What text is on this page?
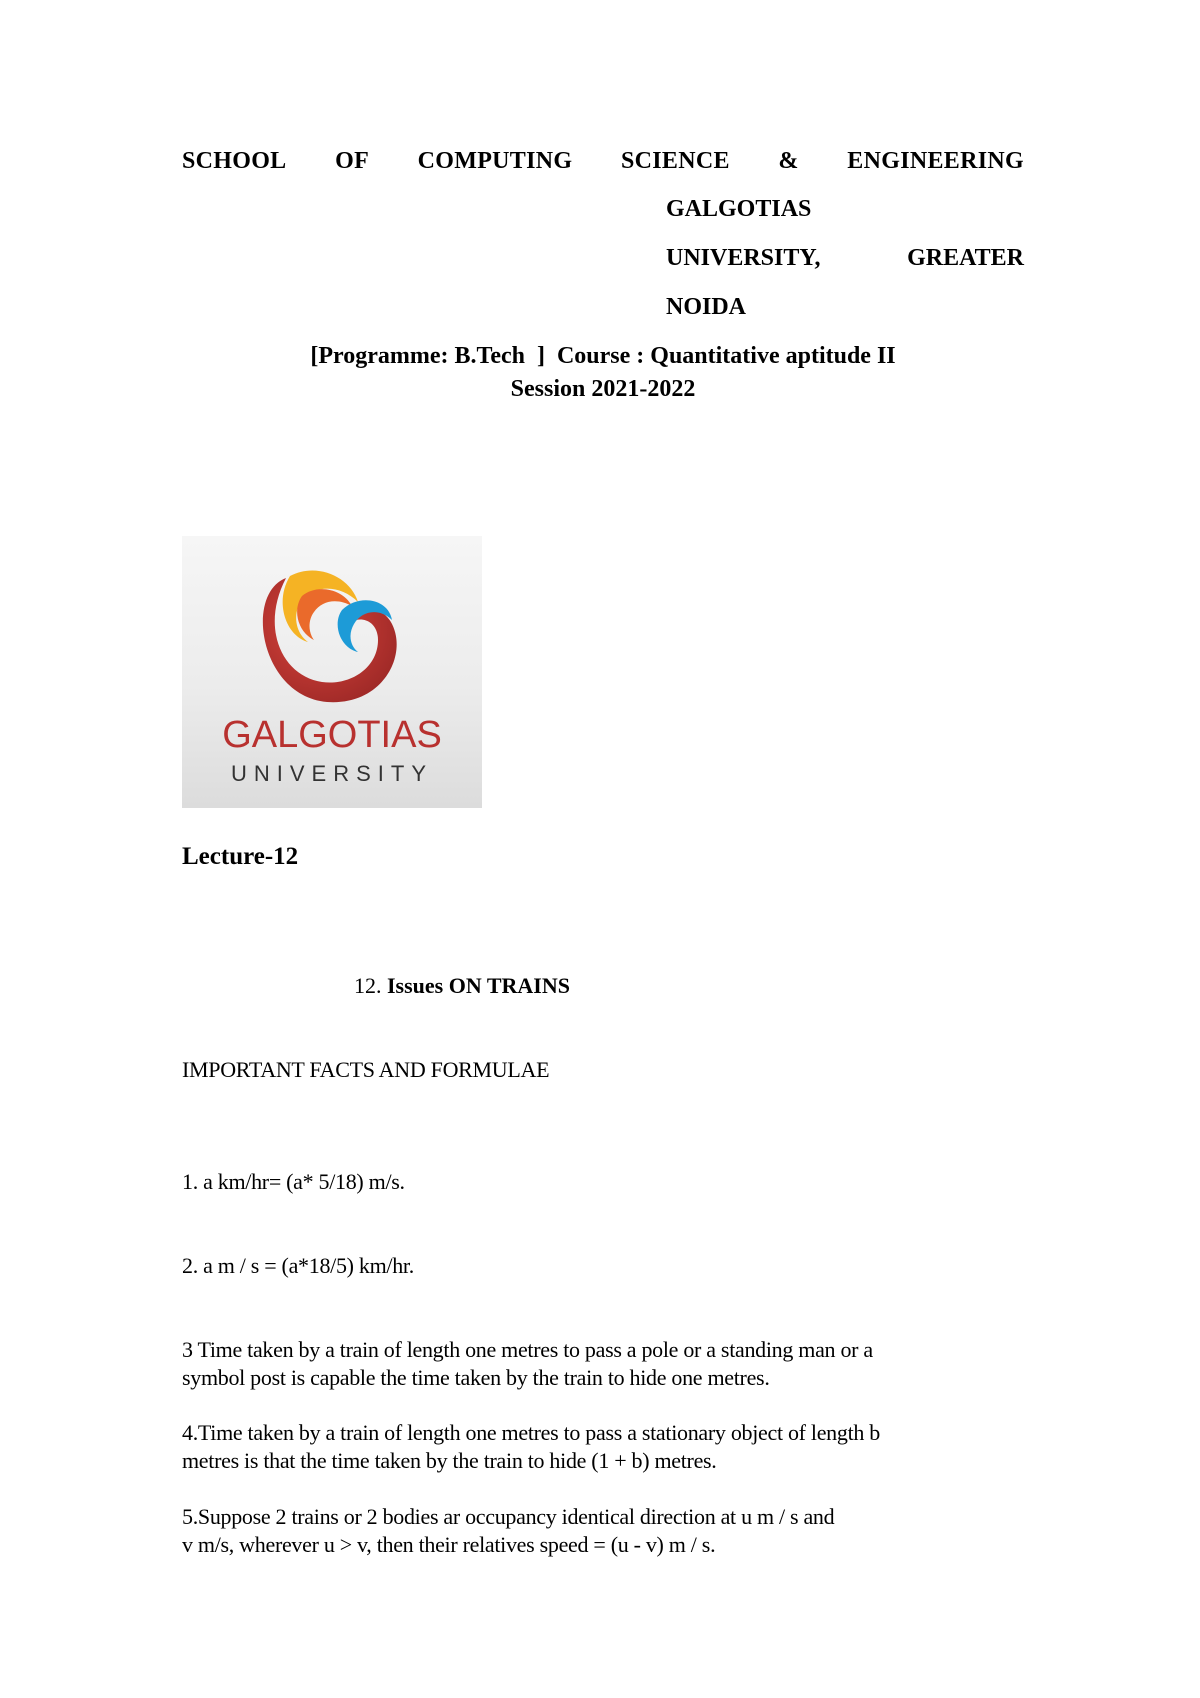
SCHOOL OF COMPUTING SCIENCE & ENGINEERING
GALGOTIAS
UNIVERSITY,	GREATER
NOIDA
[Programme: B.Tech  ]  Course : Quantitative aptitude II
Session 2021-2022
GALGOTIAS
UNIVERSITY
Lecture-12
12. Issues ON TRAINS
IMPORTANT FACTS AND FORMULAE
1. a km/hr= (a* 5/18) m/s.
2. a m / s = (a*18/5) km/hr.
3 Time taken by a train of length one metres to pass a pole or a standing man or a
symbol post is capable the time taken by the train to hide one metres.
4.Time taken by a train of length one metres to pass a stationary object of length b
metres is that the time taken by the train to hide (1 + b) metres.
5.Suppose 2 trains or 2 bodies ar occupancy identical direction at u m / s and
v m/s, wherever u > v, then their relatives speed = (u - v) m / s.
